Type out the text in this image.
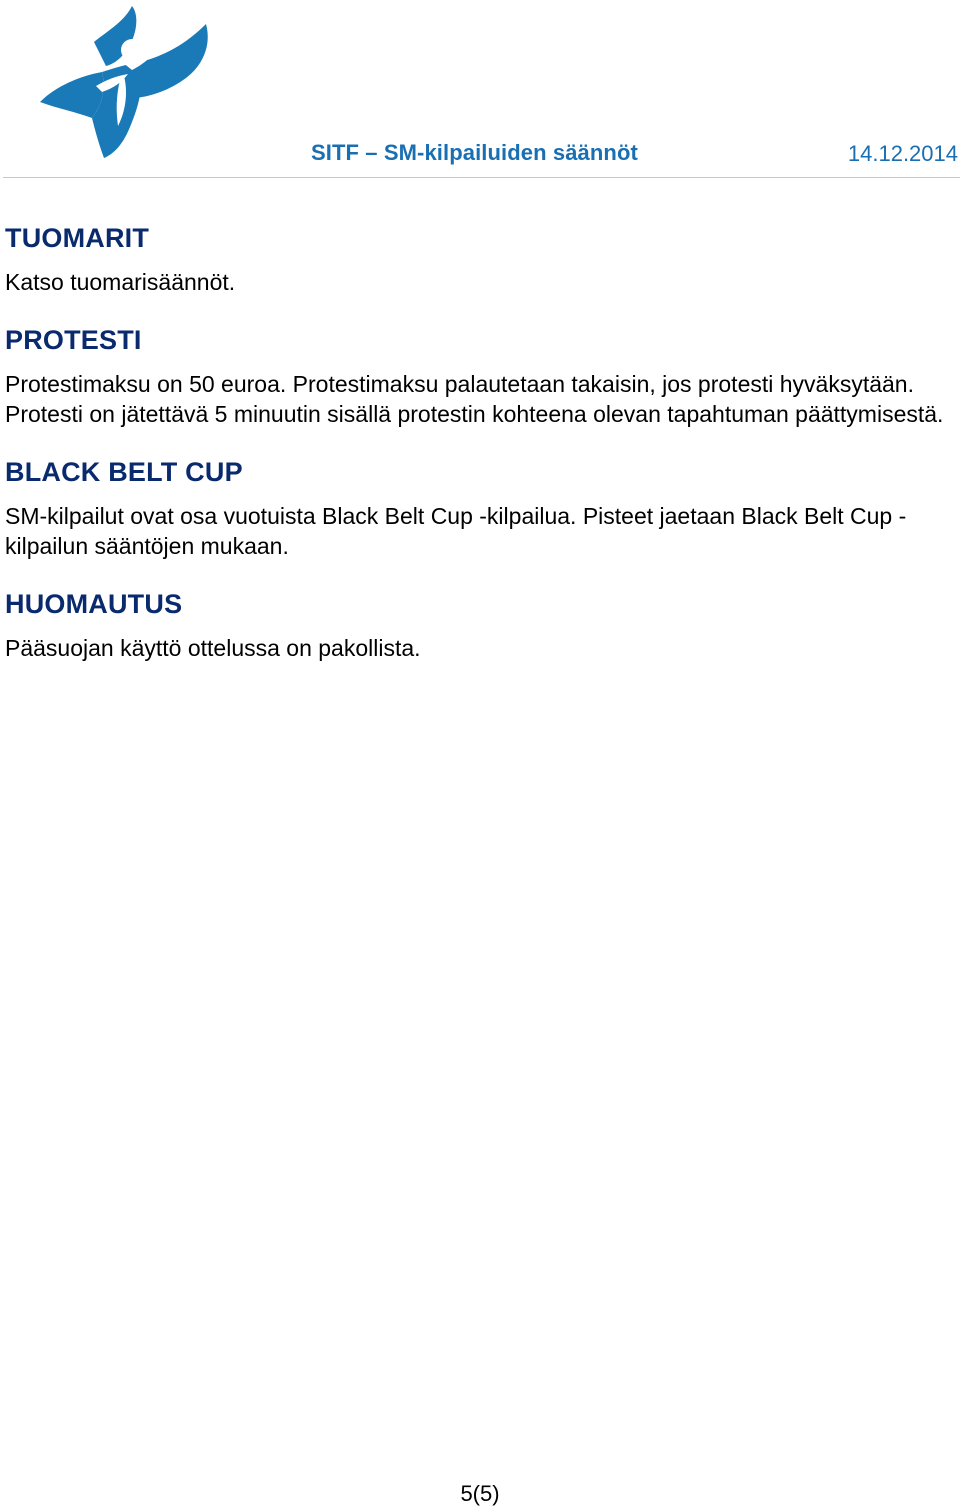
SITF – SM-kilpailuiden säännöt	14.12.2014
TUOMARIT

Katso tuomarisäännöt.

PROTESTI

Protestimaksu on 50 euroa. Protestimaksu palautetaan takaisin, jos protesti hyväksytään. Protesti on jätettävä 5 minuutin sisällä protestin kohteena olevan tapahtuman päättymisestä.

BLACK BELT CUP

SM-kilpailut ovat osa vuotuista Black Belt Cup -kilpailua. Pisteet jaetaan Black Belt Cup -kilpailun sääntöjen mukaan.

HUOMAUTUS

Pääsuojan käyttö ottelussa on pakollista.

5(5)
